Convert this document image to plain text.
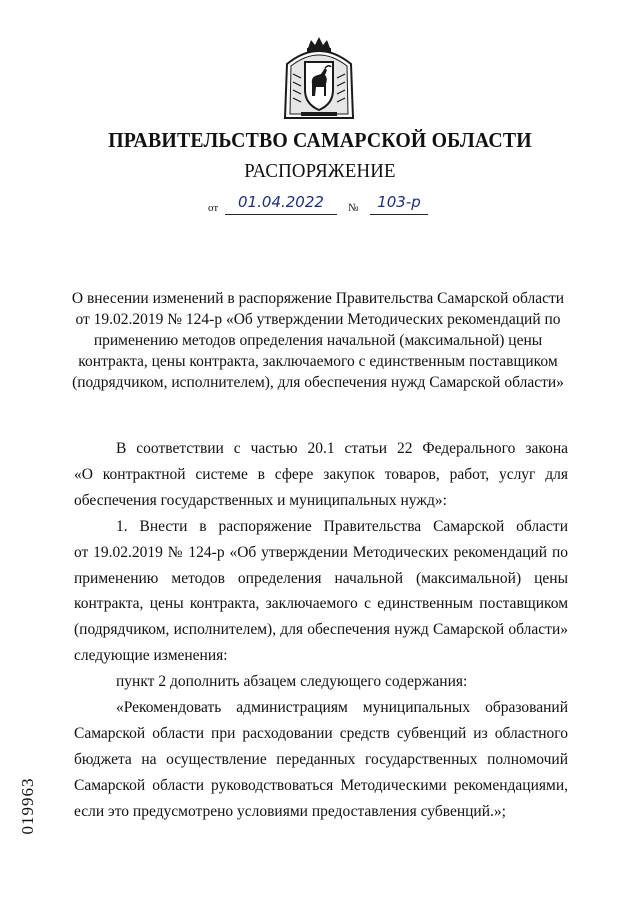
ПРАВИТЕЛЬСТВО САМАРСКОЙ ОБЛАСТИ
РАСПОРЯЖЕНИЕ
от	01.04.2022	№	103-р
О внесении изменений в распоряжение Правительства Самарской области
от 19.02.2019 № 124-р «Об утверждении Методических рекомендаций по
применению методов определения начальной (максимальной) цены
контракта, цены контракта, заключаемого с единственным поставщиком
(подрядчиком, исполнителем), для обеспечения нужд Самарской области»
В соответствии с частью 20.1 статьи 22 Федерального закона
«О контрактной системе в сфере закупок товаров, работ, услуг для
обеспечения государственных и муниципальных нужд»:
1. Внести в распоряжение Правительства Самарской области
от 19.02.2019 № 124-р «Об утверждении Методических рекомендаций по
применению методов определения начальной (максимальной) цены
контракта, цены контракта, заключаемого с единственным поставщиком
(подрядчиком, исполнителем), для обеспечения нужд Самарской области»
следующие изменения:
пункт 2 дополнить абзацем следующего содержания:
«Рекомендовать администрациям муниципальных образований
Самарской области при расходовании средств субвенций из областного
бюджета на осуществление переданных государственных полномочий
Самарской области руководствоваться Методическими рекомендациями,
если это предусмотрено условиями предоставления субвенций.»;
019963
